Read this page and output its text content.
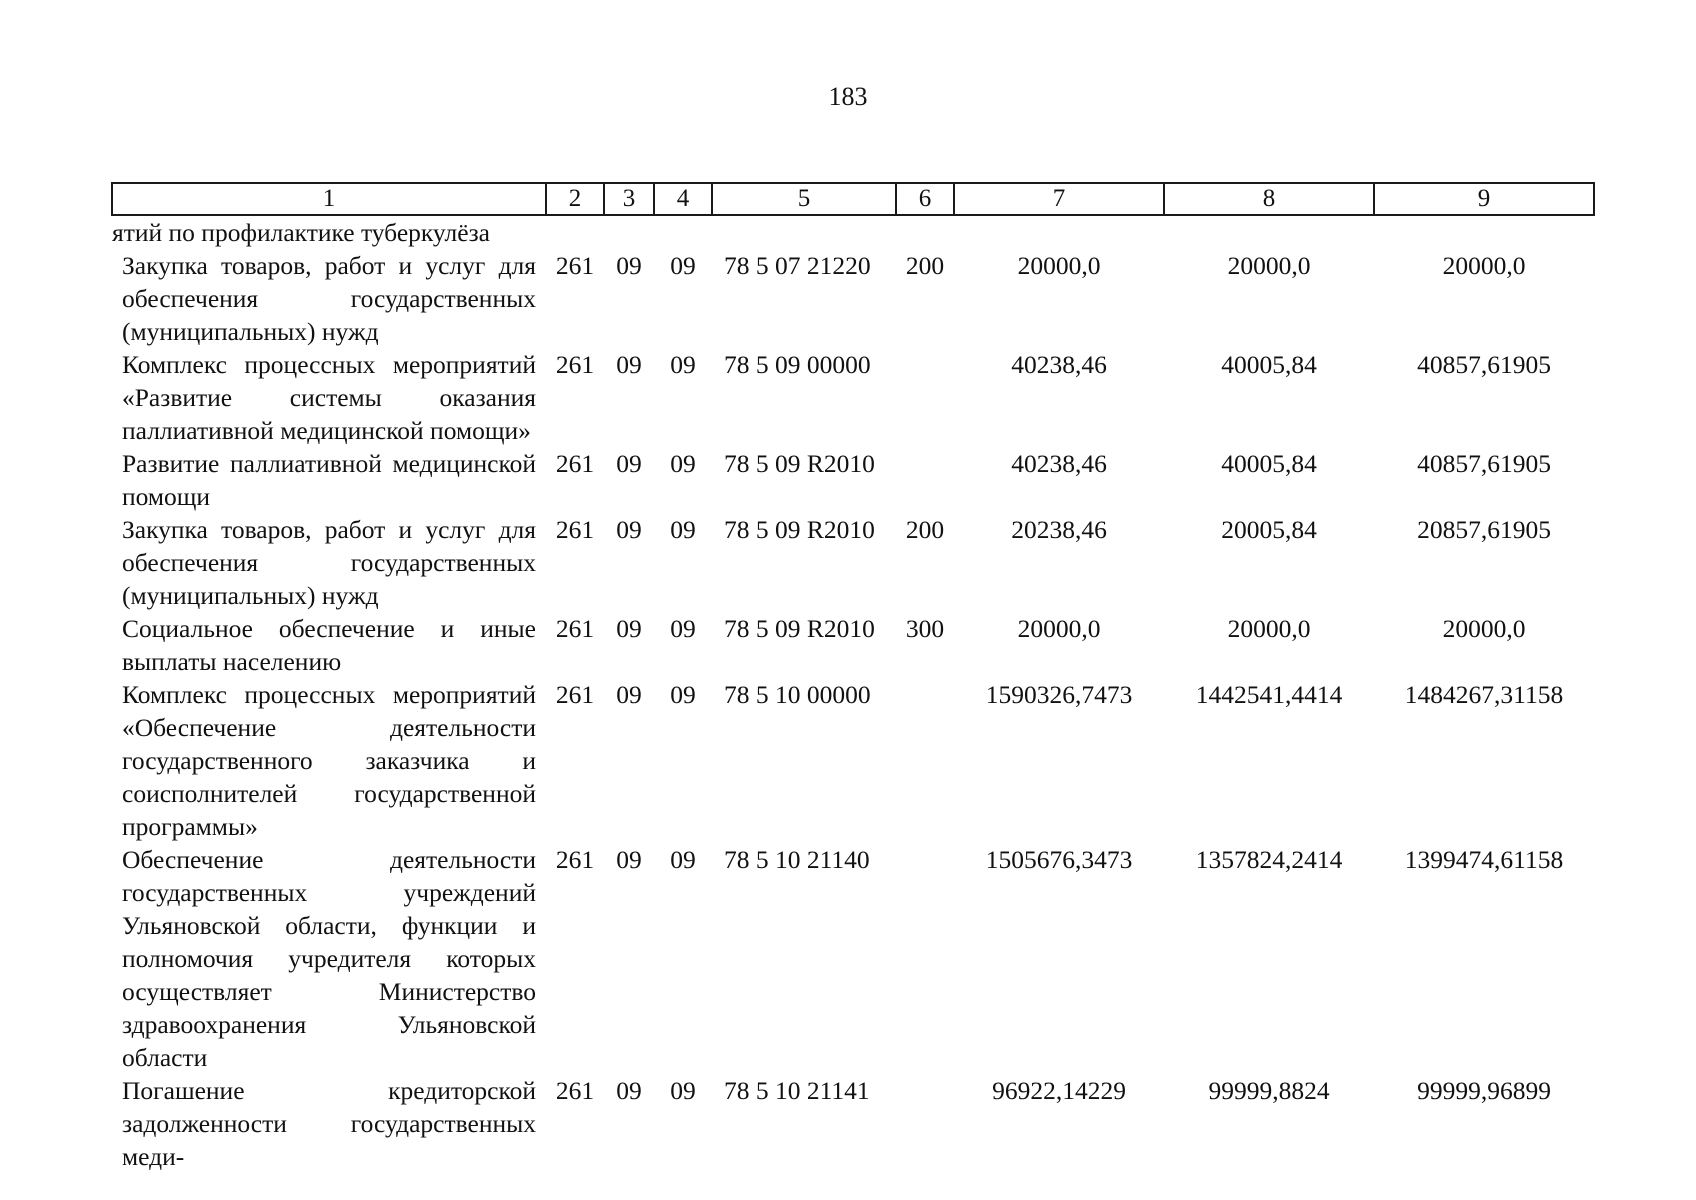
183
1	2	3	4	5	6	7	8	9
ятий по профилактике туберкулёза								
Закупка товаров, работ и услуг для обеспечения государственных (муниципальных) нужд	261	09	09	78 5 07 21220	200	20000,0	20000,0	20000,0
Комплекс процессных мероприятий «Развитие системы оказания паллиативной медицинской помощи»	261	09	09	78 5 09 00000		40238,46	40005,84	40857,61905
Развитие паллиативной медицинской помощи	261	09	09	78 5 09 R2010		40238,46	40005,84	40857,61905
Закупка товаров, работ и услуг для обеспечения государственных (муниципальных) нужд	261	09	09	78 5 09 R2010	200	20238,46	20005,84	20857,61905
Социальное обеспечение и иные выплаты населению	261	09	09	78 5 09 R2010	300	20000,0	20000,0	20000,0
Комплекс процессных мероприятий «Обеспечение деятельности государственного заказчика и соисполнителей государственной программы»	261	09	09	78 5 10 00000		1590326,7473	1442541,4414	1484267,31158
Обеспечение деятельности государственных учреждений Ульяновской области, функции и полномочия учредителя которых осуществляет Министерство здравоохранения Ульяновской области	261	09	09	78 5 10 21140		1505676,3473	1357824,2414	1399474,61158
Погашение кредиторской задолженности государственных меди-	261	09	09	78 5 10 21141		96922,14229	99999,8824	99999,96899
